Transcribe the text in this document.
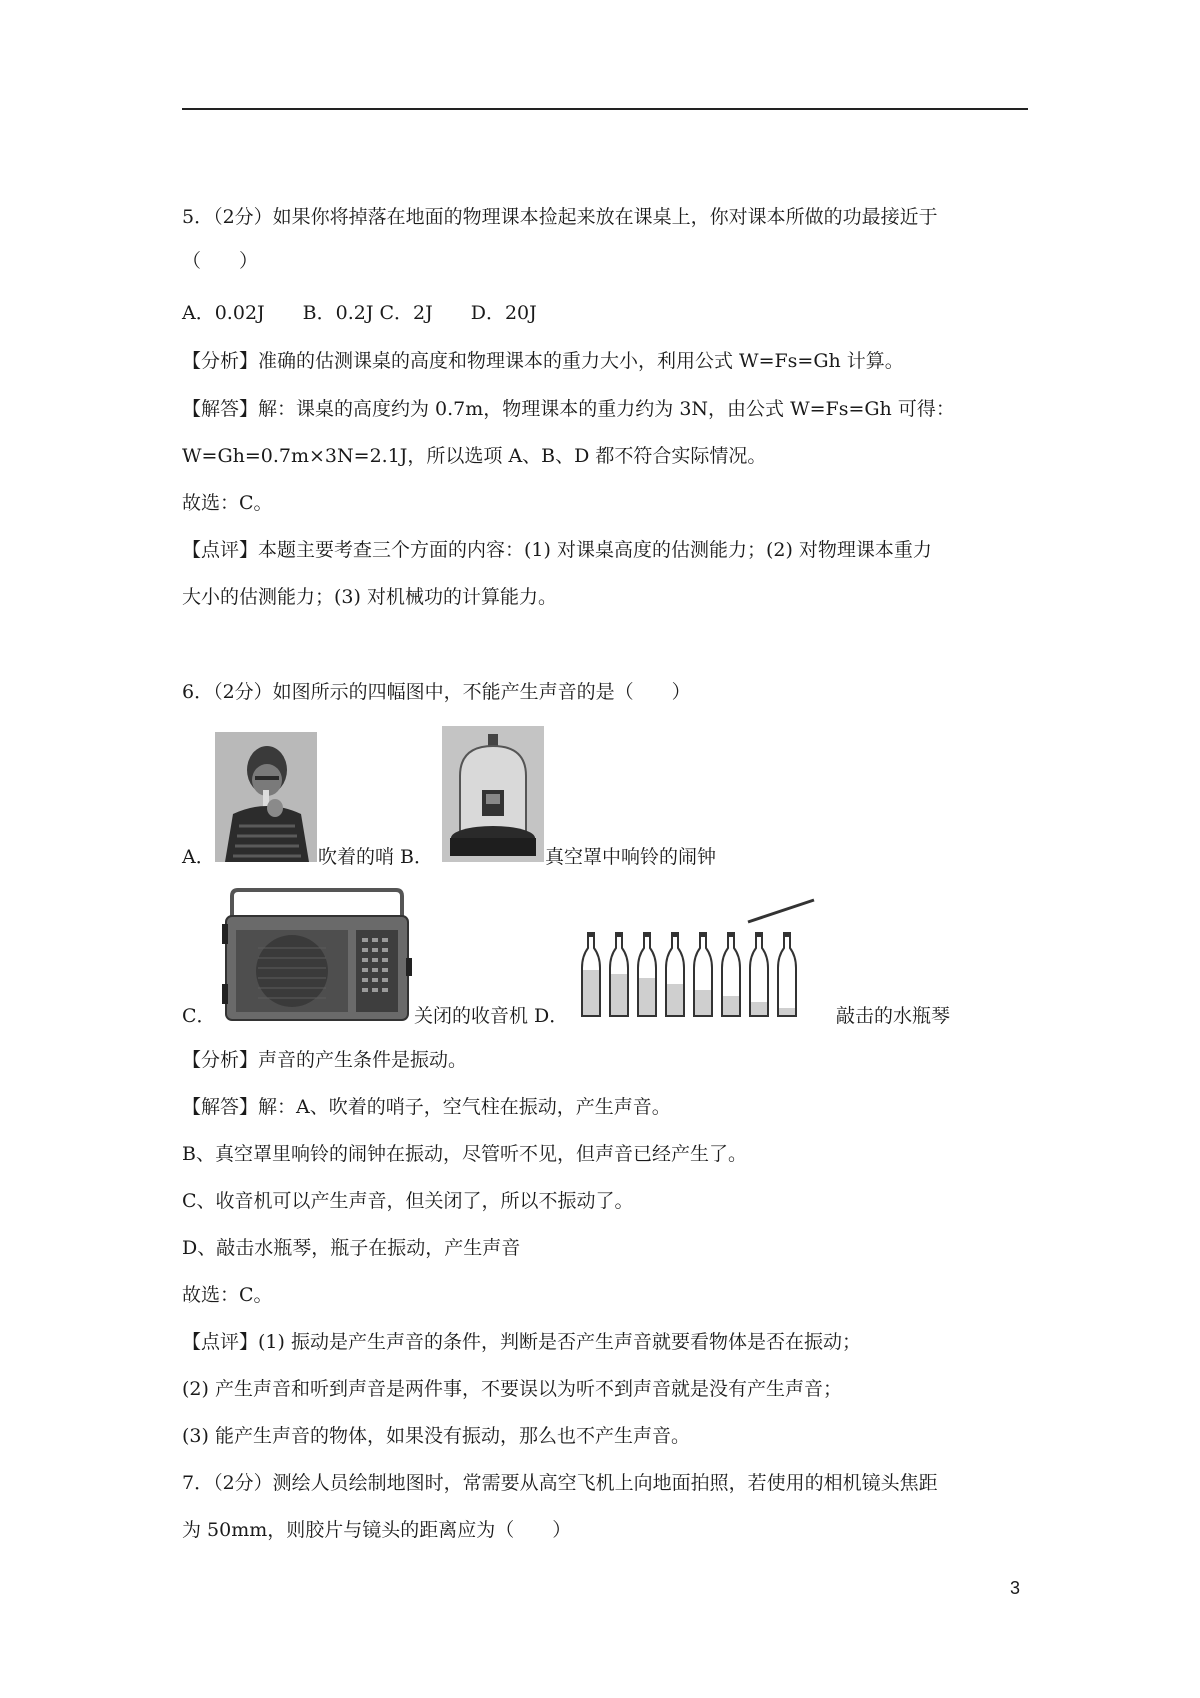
5．（2分）如果你将掉落在地面的物理课本捡起来放在课桌上，你对课本所做的功最接近于
（　　）
A．0.02J　　B．0.2J C．2J　　D．20J
【分析】准确的估测课桌的高度和物理课本的重力大小，利用公式 W=Fs=Gh 计算。
【解答】解：课桌的高度约为 0.7m，物理课本的重力约为 3N，由公式 W=Fs=Gh 可得：
W=Gh=0.7m×3N=2.1J，所以选项 A、B、D 都不符合实际情况。
故选：C。
【点评】本题主要考查三个方面的内容：(1) 对课桌高度的估测能力；(2) 对物理课本重力
大小的估测能力；(3) 对机械功的计算能力。
6．（2分）如图所示的四幅图中，不能产生声音的是（　　）
A．	吹着的哨 B．	真空罩中响铃的闹钟
C．	关闭的收音机 D．	敲击的水瓶琴
【分析】声音的产生条件是振动。
【解答】解：A、吹着的哨子，空气柱在振动，产生声音。
B、真空罩里响铃的闹钟在振动，尽管听不见，但声音已经产生了。
C、收音机可以产生声音，但关闭了，所以不振动了。
D、敲击水瓶琴，瓶子在振动，产生声音
故选：C。
【点评】(1) 振动是产生声音的条件，判断是否产生声音就要看物体是否在振动；
(2) 产生声音和听到声音是两件事，不要误以为听不到声音就是没有产生声音；
(3) 能产生声音的物体，如果没有振动，那么也不产生声音。
7．（2分）测绘人员绘制地图时，常需要从高空飞机上向地面拍照，若使用的相机镜头焦距
为 50mm，则胶片与镜头的距离应为（　　）
3
